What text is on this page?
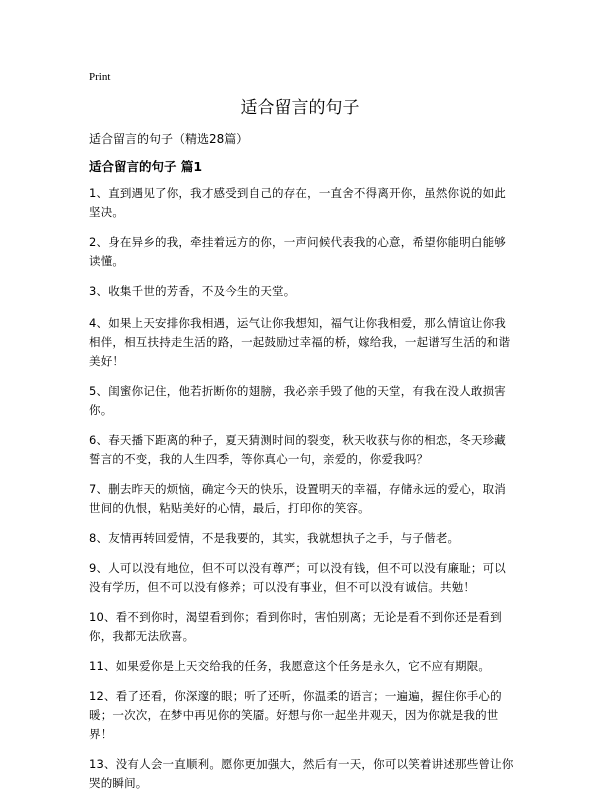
Print
适合留言的句子
适合留言的句子（精选28篇）
适合留言的句子 篇1
1、直到遇见了你，我才感受到自己的存在，一直舍不得离开你，虽然你说的如此坚决。
2、身在异乡的我，牵挂着远方的你，一声问候代表我的心意，希望你能明白能够读懂。
3、收集千世的芳香，不及今生的天堂。
4、如果上天安排你我相遇，运气让你我想知，福气让你我相爱，那么情谊让你我相伴，相互扶持走生活的路，一起鼓励过幸福的桥，嫁给我，一起谱写生活的和谐美好！
5、闺蜜你记住，他若折断你的翅膀，我必亲手毁了他的天堂，有我在没人敢损害你。
6、春天播下距离的种子，夏天猜测时间的裂变，秋天收获与你的相恋，冬天珍藏誓言的不变，我的人生四季，等你真心一句，亲爱的，你爱我吗？
7、删去昨天的烦恼，确定今天的快乐，设置明天的幸福，存储永远的爱心，取消世间的仇恨，粘贴美好的心情，最后，打印你的笑容。
8、友情再转回爱情，不是我要的，其实，我就想执子之手，与子偕老。
9、人可以没有地位，但不可以没有尊严；可以没有钱，但不可以没有廉耻；可以没有学历，但不可以没有修养；可以没有事业，但不可以没有诚信。共勉！
10、看不到你时，渴望看到你；看到你时，害怕别离；无论是看不到你还是看到你，我都无法欣喜。
11、如果爱你是上天交给我的任务，我愿意这个任务是永久，它不应有期限。
12、看了还看，你深邃的眼；听了还听，你温柔的语言；一遍遍，握住你手心的暖；一次次，在梦中再见你的笑靥。好想与你一起坐井观天，因为你就是我的世界！
13、没有人会一直顺利。愿你更加强大，然后有一天，你可以笑着讲述那些曾让你哭的瞬间。
